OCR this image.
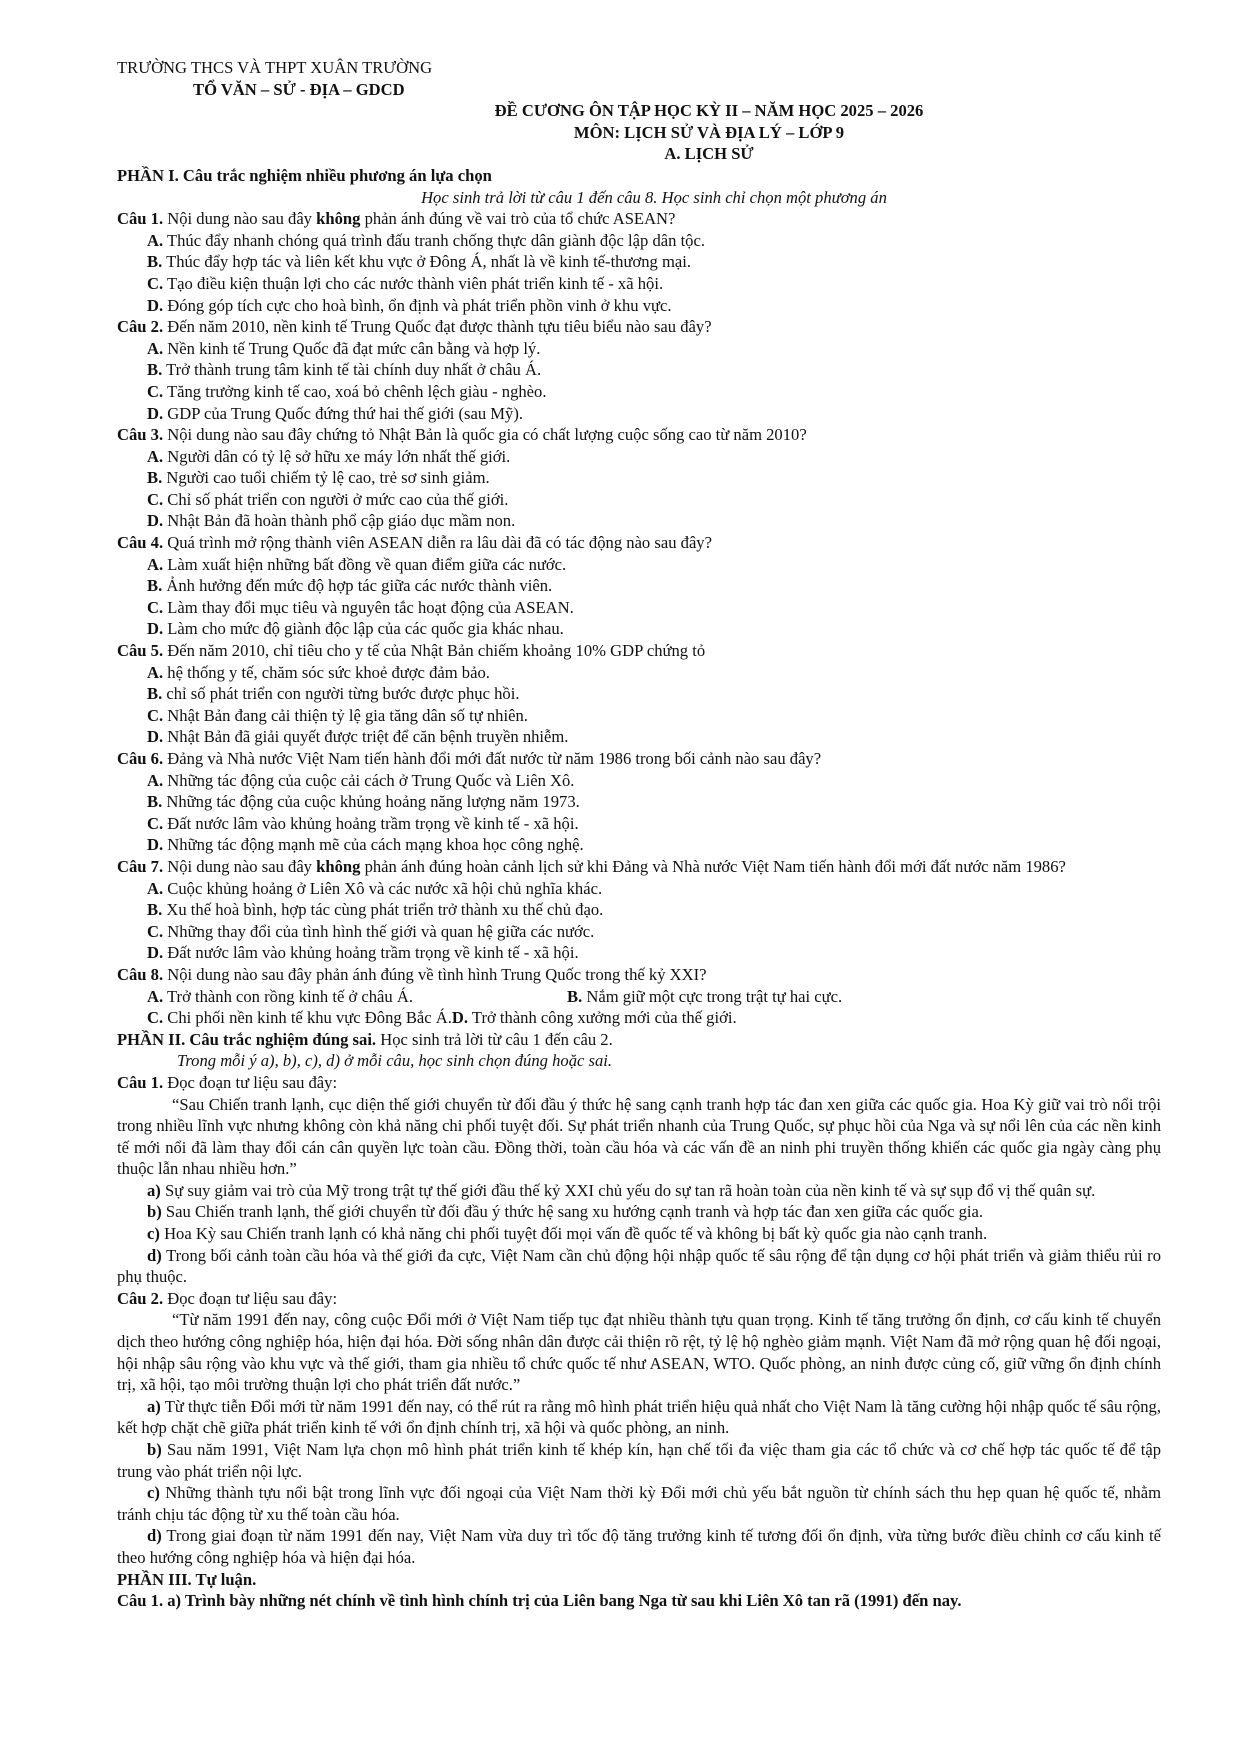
TRƯỜNG THCS VÀ THPT XUÂN TRƯỜNG

TỔ VĂN – SỬ - ĐỊA – GDCD

ĐỀ CƯƠNG ÔN TẬP HỌC KỲ II – NĂM HỌC 2025 – 2026

MÔN: LỊCH SỬ VÀ ĐỊA LÝ – LỚP 9

A. LỊCH SỬ

PHẦN I. Câu trắc nghiệm nhiều phương án lựa chọn

Học sinh trả lời từ câu 1 đến câu 8. Học sinh chỉ chọn một phương án

Câu 1. Nội dung nào sau đây không phản ánh đúng về vai trò của tổ chức ASEAN?

A. Thúc đẩy nhanh chóng quá trình đấu tranh chống thực dân giành độc lập dân tộc.

B. Thúc đẩy hợp tác và liên kết khu vực ở Đông Á, nhất là về kinh tế-thương mại.

C. Tạo điều kiện thuận lợi cho các nước thành viên phát triển kinh tế - xã hội.

D. Đóng góp tích cực cho hoà bình, ổn định và phát triển phồn vinh ở khu vực.

Câu 2. Đến năm 2010, nền kinh tế Trung Quốc đạt được thành tựu tiêu biểu nào sau đây?

A. Nền kinh tế Trung Quốc đã đạt mức cân bằng và hợp lý.

B. Trở thành trung tâm kinh tế tài chính duy nhất ở châu Á.

C. Tăng trưởng kinh tế cao, xoá bỏ chênh lệch giàu - nghèo.

D. GDP của Trung Quốc đứng thứ hai thế giới (sau Mỹ).

Câu 3. Nội dung nào sau đây chứng tỏ Nhật Bản là quốc gia có chất lượng cuộc sống cao từ năm 2010?

A. Người dân có tỷ lệ sở hữu xe máy lớn nhất thế giới.

B. Người cao tuổi chiếm tỷ lệ cao, trẻ sơ sinh giảm.

C. Chỉ số phát triển con người ở mức cao của thế giới.

D. Nhật Bản đã hoàn thành phổ cập giáo dục mầm non.

Câu 4. Quá trình mở rộng thành viên ASEAN diễn ra lâu dài đã có tác động nào sau đây?

A. Làm xuất hiện những bất đồng về quan điểm giữa các nước.

B. Ảnh hưởng đến mức độ hợp tác giữa các nước thành viên.

C. Làm thay đổi mục tiêu và nguyên tắc hoạt động của ASEAN.

D. Làm cho mức độ giành độc lập của các quốc gia khác nhau.

Câu 5. Đến năm 2010, chỉ tiêu cho y tế của Nhật Bản chiếm khoảng 10% GDP chứng tỏ

A. hệ thống y tế, chăm sóc sức khoẻ được đảm bảo.

B. chỉ số phát triển con người từng bước được phục hồi.

C. Nhật Bản đang cải thiện tỷ lệ gia tăng dân số tự nhiên.

D. Nhật Bản đã giải quyết được triệt để căn bệnh truyền nhiễm.

Câu 6. Đảng và Nhà nước Việt Nam tiến hành đổi mới đất nước từ năm 1986 trong bối cảnh nào sau đây?

A. Những tác động của cuộc cải cách ở Trung Quốc và Liên Xô.

B. Những tác động của cuộc khủng hoảng năng lượng năm 1973.

C. Đất nước lâm vào khủng hoảng trầm trọng về kinh tế - xã hội.

D. Những tác động mạnh mẽ của cách mạng khoa học công nghệ.

Câu 7. Nội dung nào sau đây không phản ánh đúng hoàn cảnh lịch sử khi Đảng và Nhà nước Việt Nam tiến hành đổi mới đất nước năm 1986?

A. Cuộc khủng hoảng ở Liên Xô và các nước xã hội chủ nghĩa khác.

B. Xu thế hoà bình, hợp tác cùng phát triển trở thành xu thế chủ đạo.

C. Những thay đổi của tình hình thế giới và quan hệ giữa các nước.

D. Đất nước lâm vào khủng hoảng trầm trọng về kinh tế - xã hội.

Câu 8. Nội dung nào sau đây phản ánh đúng về tình hình Trung Quốc trong thế kỷ XXI?

A. Trở thành con rồng kinh tế ở châu Á.	B. Nắm giữ một cực trong trật tự hai cực.

C. Chi phối nền kinh tế khu vực Đông Bắc Á.D. Trở thành công xưởng mới của thế giới.

PHẦN II. Câu trắc nghiệm đúng sai. Học sinh trả lời từ câu 1 đến câu 2.

Trong mỗi ý a), b), c), d) ở mỗi câu, học sinh chọn đúng hoặc sai.

Câu 1. Đọc đoạn tư liệu sau đây:

“Sau Chiến tranh lạnh, cục diện thế giới chuyển từ đối đầu ý thức hệ sang cạnh tranh hợp tác đan xen giữa các quốc gia. Hoa Kỳ giữ vai trò nổi trội trong nhiều lĩnh vực nhưng không còn khả năng chi phối tuyệt đối. Sự phát triển nhanh của Trung Quốc, sự phục hồi của Nga và sự nổi lên của các nền kinh tế mới nổi đã làm thay đổi cán cân quyền lực toàn cầu. Đồng thời, toàn cầu hóa và các vấn đề an ninh phi truyền thống khiến các quốc gia ngày càng phụ thuộc lẫn nhau nhiều hơn.”

a) Sự suy giảm vai trò của Mỹ trong trật tự thế giới đầu thế kỷ XXI chủ yếu do sự tan rã hoàn toàn của nền kinh tế và sự sụp đổ vị thế quân sự.

b) Sau Chiến tranh lạnh, thế giới chuyển từ đối đầu ý thức hệ sang xu hướng cạnh tranh và hợp tác đan xen giữa các quốc gia.

c) Hoa Kỳ sau Chiến tranh lạnh có khả năng chi phối tuyệt đối mọi vấn đề quốc tế và không bị bất kỳ quốc gia nào cạnh tranh.

d) Trong bối cảnh toàn cầu hóa và thế giới đa cực, Việt Nam cần chủ động hội nhập quốc tế sâu rộng để tận dụng cơ hội phát triển và giảm thiểu rủi ro phụ thuộc.

Câu 2. Đọc đoạn tư liệu sau đây:

“Từ năm 1991 đến nay, công cuộc Đổi mới ở Việt Nam tiếp tục đạt nhiều thành tựu quan trọng. Kinh tế tăng trưởng ổn định, cơ cấu kinh tế chuyển dịch theo hướng công nghiệp hóa, hiện đại hóa. Đời sống nhân dân được cải thiện rõ rệt, tỷ lệ hộ nghèo giảm mạnh. Việt Nam đã mở rộng quan hệ đối ngoại, hội nhập sâu rộng vào khu vực và thế giới, tham gia nhiều tổ chức quốc tế như ASEAN, WTO. Quốc phòng, an ninh được củng cố, giữ vững ổn định chính trị, xã hội, tạo môi trường thuận lợi cho phát triển đất nước.”

a) Từ thực tiễn Đổi mới từ năm 1991 đến nay, có thể rút ra rằng mô hình phát triển hiệu quả nhất cho Việt Nam là tăng cường hội nhập quốc tế sâu rộng, kết hợp chặt chẽ giữa phát triển kinh tế với ổn định chính trị, xã hội và quốc phòng, an ninh.

b) Sau năm 1991, Việt Nam lựa chọn mô hình phát triển kinh tế khép kín, hạn chế tối đa việc tham gia các tổ chức và cơ chế hợp tác quốc tế để tập trung vào phát triển nội lực.

c) Những thành tựu nổi bật trong lĩnh vực đối ngoại của Việt Nam thời kỳ Đổi mới chủ yếu bắt nguồn từ chính sách thu hẹp quan hệ quốc tế, nhằm tránh chịu tác động từ xu thế toàn cầu hóa.

d) Trong giai đoạn từ năm 1991 đến nay, Việt Nam vừa duy trì tốc độ tăng trưởng kinh tế tương đối ổn định, vừa từng bước điều chỉnh cơ cấu kinh tế theo hướng công nghiệp hóa và hiện đại hóa.

PHẦN III. Tự luận.

Câu 1. a) Trình bày những nét chính về tình hình chính trị của Liên bang Nga từ sau khi Liên Xô tan rã (1991) đến nay.
